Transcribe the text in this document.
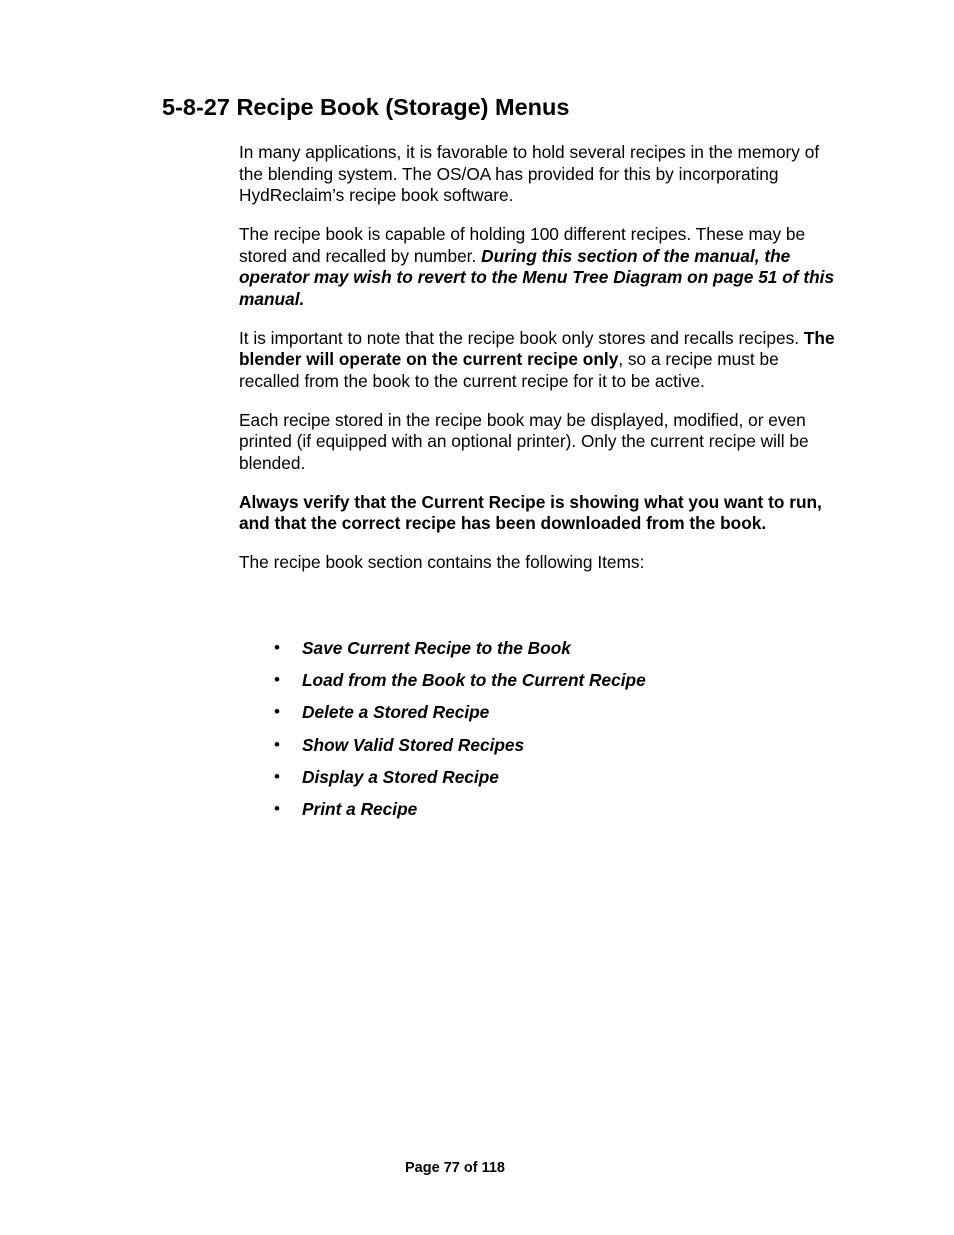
5-8-27 Recipe Book (Storage) Menus

In many applications, it is favorable to hold several recipes in the memory of the blending system. The OS/OA has provided for this by incorporating HydReclaim’s recipe book software.

The recipe book is capable of holding 100 different recipes. These may be stored and recalled by number. During this section of the manual, the operator may wish to revert to the Menu Tree Diagram on page 51 of this manual.

It is important to note that the recipe book only stores and recalls recipes. The blender will operate on the current recipe only, so a recipe must be recalled from the book to the current recipe for it to be active.

Each recipe stored in the recipe book may be displayed, modified, or even printed (if equipped with an optional printer). Only the current recipe will be blended.

Always verify that the Current Recipe is showing what you want to run, and that the correct recipe has been downloaded from the book.

The recipe book section contains the following Items:

• Save Current Recipe to the Book
• Load from the Book to the Current Recipe
• Delete a Stored Recipe
• Show Valid Stored Recipes
• Display a Stored Recipe
• Print a Recipe
Page 77 of 118
